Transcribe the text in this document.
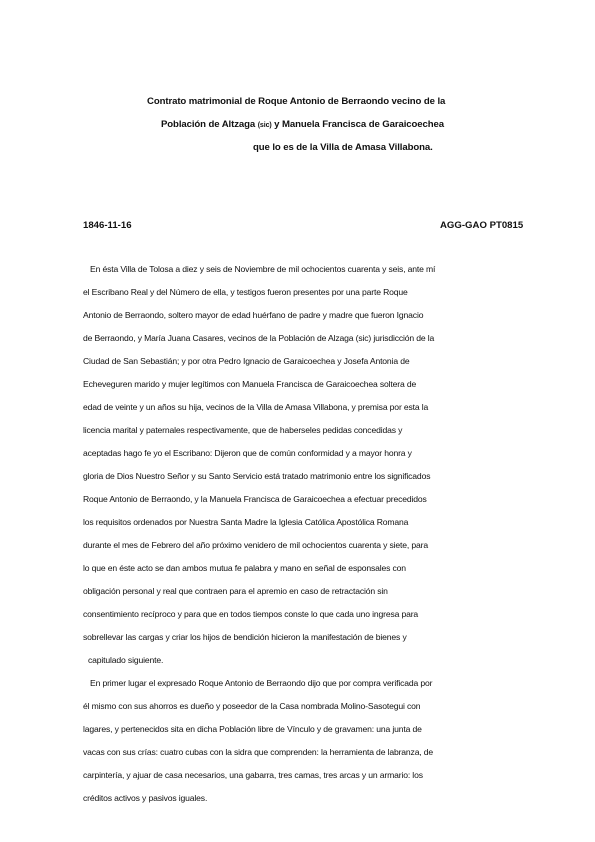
Contrato matrimonial de Roque Antonio de Berraondo vecino de la
Población de Altzaga (sic) y Manuela Francisca de Garaicoechea
que lo es de la Villa de Amasa Villabona.
1846-11-16	AGG-GAO PT0815
En ésta Villa de Tolosa a diez y seis de Noviembre de mil ochocientos cuarenta y seis, ante mí
el Escribano Real y del Número de ella, y testigos fueron presentes por una parte Roque
Antonio de Berraondo, soltero mayor de edad huérfano de padre y madre que fueron Ignacio
de Berraondo, y María Juana Casares, vecinos de la Población de Alzaga (sic) jurisdicción de la
Ciudad de San Sebastián; y por otra Pedro Ignacio de Garaicoechea y Josefa Antonia de
Echeveguren marido y mujer legítimos con Manuela Francisca de Garaicoechea soltera de
edad de veinte y un años su hija, vecinos de la Villa de Amasa Villabona, y premisa por esta la
licencia marital y paternales respectivamente, que de haberseles pedidas concedidas y
aceptadas hago fe yo el Escribano: Dijeron que de común conformidad y a mayor honra y
gloria de Dios Nuestro Señor y su Santo Servicio está tratado matrimonio entre los significados
Roque Antonio de Berraondo, y la Manuela Francisca de Garaicoechea a efectuar precedidos
los requisitos ordenados por Nuestra Santa Madre la Iglesia Católica Apostólica Romana
durante el mes de Febrero del año próximo venidero de mil ochocientos cuarenta y siete, para
lo que en éste acto se dan ambos mutua fe palabra y mano en señal de esponsales con
obligación personal y real que contraen para el apremio en caso de retractación sin
consentimiento recíproco y para que en todos tiempos conste lo que cada uno ingresa para
sobrellevar las cargas y criar los hijos de bendición hicieron la manifestación de bienes y
capitulado siguiente.
En primer lugar el expresado Roque Antonio de Berraondo dijo que por compra verificada por
él mismo con sus ahorros es dueño y poseedor de la Casa nombrada Molino-Sasotegui con
lagares, y pertenecidos sita en dicha Población libre de Vínculo y de gravamen: una junta de
vacas con sus crías: cuatro cubas con la sidra que comprenden: la herramienta de labranza, de
carpintería, y ajuar de casa necesarios, una gabarra, tres camas, tres arcas y un armario: los
créditos activos y pasivos iguales.
